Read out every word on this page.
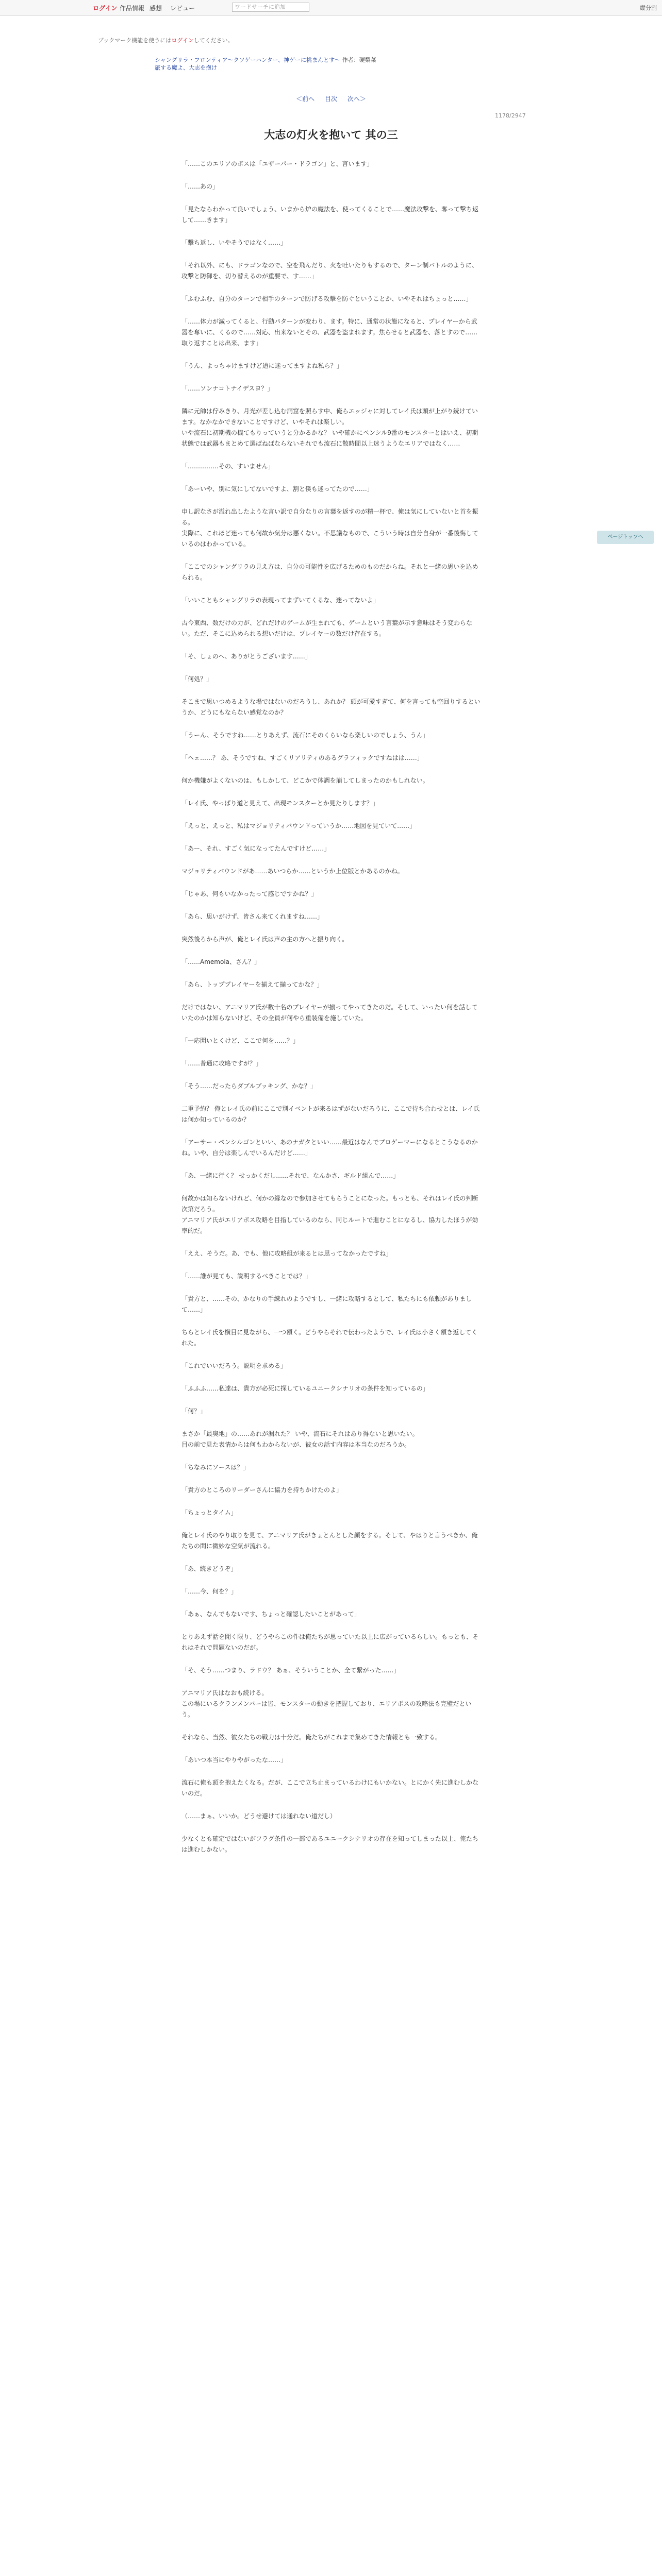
ログイン 作品情報 感想 レビュー	ワードサーチに追加	縦分割
ブックマーク機能を使うにはログインしてください。
シャングリラ・フロンティア〜クソゲーハンター、神ゲーに挑まんとす〜 作者：硬梨菜
旅する魔よ、大志を抱け
＜前へ 目次 次へ＞
1178/2947
大志の灯火を抱いて 其の三

「……このエリアのボスは「ユザーパー・ドラゴン」と、言います」

「……あの」

「見たならわかって良いでしょう、いまから炉の魔法を、使ってくることで……魔法攻撃を、奪って撃ち返して……きます」

「撃ち返し、いやそうではなく……」

「それ以外、にも、ドラゴンなので、空を飛んだり、火を吐いたりもするので、ターン制バトルのように、攻撃と防御を、切り替えるのが重要で、す……」

「ふむふむ、自分のターンで相手のターンで防げる攻撃を防ぐということか、いやそれはちょっと……」

「……体力が減ってくると、行動パターンが変わり、ます。特に、通常の状態になると、プレイヤーから武器を奪いに、くるので……対応、出来ないとその、武器を盗まれます。焦らせると武器を、落とすので……取り返すことは出来、ます」

「うん、よっちゃけますけど道に迷ってますよね私ら？」

「……ソンナコトナイデスヨ？」

隣に元帥は佇みきり、月光が差し込む洞窟を照らす中、俺らエッジャに対してレイ氏は頭が上がり続けています。なかなかできないことですけど、いやそれは楽しい。
いや流石に初期機の機てもりっていうと分かるかな？ いや確かにペンシル9番のモンスターとはいえ、初期状態では武器もまとめて選ばねばならないそれでも流石に散時間以上迷うようなエリアではなく……

「……………その、すいません」

「あーいや、別に気にしてないですよ、割と僕も迷ってたので……」

申し訳なさが溢れ出したような言い訳で自分なりの言葉を返すのが精一杯で、俺は気にしていないと首を振る。
実際に、これほど迷っても何故か気分は悪くない。不思議なもので、こういう時は自分自身が一番後悔しているのはわかっている。

「ここでのシャングリラの見え方は、自分の可能性を広げるためのものだからね。それと一緒の思いを込められる。

「いいこともシャングリラの表現ってまずいてくるな、迷ってないよ」

古今東西、数だけの力が、どれだけのゲームが生まれても、ゲームという言葉が示す意味はそう変わらない。ただ、そこに込められる想いだけは、プレイヤーの数だけ存在する。

「そ、しょのへ、ありがとうございます……」

「何処？」

そこまで思いつめるような場ではないのだろうし、あれか？ 頭が可愛すぎて、何を言っても空回りするというか、どうにもならない感覚なのか？

「うーん、そうですね……とりあえず、流石にそのくらいなら楽しいのでしょう、うん」

「ヘェ……？ あ、そうですね、すごくリアリティのあるグラフィックですねはは……」

何か機嫌がよくないのは、もしかして、どこかで体調を崩してしまったのかもしれない。

「レイ氏、やっぱり道と見えて、出現モンスターとか見たりします？」

「えっと、えっと、私はマジョリティバウンドっていうか……地図を見ていて……」

「あー、それ、すごく気になってたんですけど……」

マジョリティバウンドがあ……あいつらか……というか上位版とかあるのかね。

「じゃあ、何もいなかったって感じですかね？」

「あら、思いがけず、皆さん来てくれますね……」

突然後ろから声が、俺とレイ氏は声の主の方へと振り向く。

「……Amemoia、さん？」

「あら、トッププレイヤーを揃えて揃ってかな？」

だけではない、アニマリア氏が数十名のプレイヤーが揃ってやってきたのだ。そして、いったい何を話していたのかは知らないけど、その全員が何やら重装備を施していた。

「一応聞いとくけど、ここで何を……？」

「……普通に攻略ですが？」

「そう……だったらダブルブッキング、かな？」

二重予約？ 俺とレイ氏の前にここで別イベントが来るはずがないだろうに、ここで待ち合わせとは、レイ氏は何か知っているのか？

「アーサー・ペンシルゴンといい、あのナガタといい……最近はなんでプロゲーマーになるとこうなるのかね。いや、自分は楽しんでいるんだけど……」

「あ、一緒に行く？ せっかくだし……それで、なんかさ、ギルド組んで……」

何故かは知らないけれど、何かの縁なので参加させてもらうことになった。もっとも、それはレイ氏の判断次第だろう。
アニマリア氏がエリアボス攻略を目指しているのなら、同じルートで進むことになるし、協力したほうが効率的だ。

「ええ、そうだ。あ、でも、他に攻略組が来るとは思ってなかったですね」

「……誰が見ても、説明するべきことでは？」

「貴方と、……その、かなりの手練れのようですし、一緒に攻略するとして、私たちにも依頼がありまして……」

ちらとレイ氏を横目に見ながら、一つ頷く。どうやらそれで伝わったようで、レイ氏は小さく頷き返してくれた。

「これでいいだろう。説明を求める」

「ふふふ……私達は、貴方が必死に探しているユニークシナリオの条件を知っているの」

「何？」

まさか「最奥地」の……あれが漏れた？ いや、流石にそれはあり得ないと思いたい。
目の前で見た表情からは何もわからないが、彼女の話す内容は本当なのだろうか。

「ちなみにソースは？」

「貴方のところのリーダーさんに協力を持ちかけたのよ」

「ちょっとタイム」

俺とレイ氏のやり取りを見て、アニマリア氏がきょとんとした顔をする。そして、やはりと言うべきか、俺たちの間に微妙な空気が流れる。

「あ、続きどうぞ」

「……今、何を？」

「あぁ、なんでもないです、ちょっと確認したいことがあって」

とりあえず話を聞く限り、どうやらこの件は俺たちが思っていた以上に広がっているらしい。もっとも、それはそれで問題ないのだが。

「そ、そう……つまり、ラドウ？ あぁ、そういうことか、全て繋がった……」

アニマリア氏はなおも続ける。
この場にいるクランメンバーは皆、モンスターの動きを把握しており、エリアボスの攻略法も完璧だという。

それなら、当然、彼女たちの戦力は十分だ。俺たちがこれまで集めてきた情報とも一致する。

「あいつ本当にやりやがったな……」

流石に俺も頭を抱えたくなる。だが、ここで立ち止まっているわけにもいかない。とにかく先に進むしかないのだ。

（……まぁ、いいか。どうせ避けては通れない道だし）

少なくとも確定ではないがフラグ条件の一部であるユニークシナリオの存在を知ってしまった以上、俺たちは進むしかない。

ページトップへ
